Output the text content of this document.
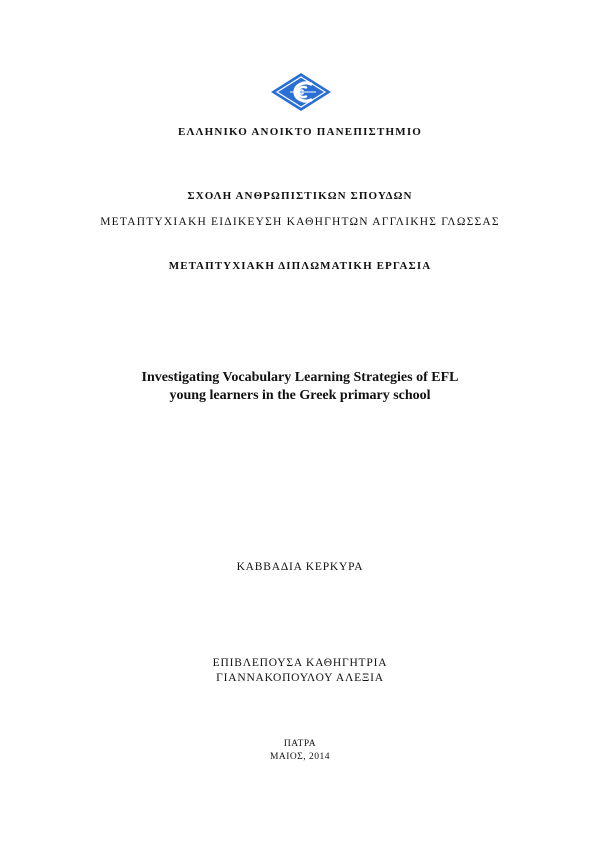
ΕΛΛΗΝΙΚΟ ΑΝΟΙΚΤΟ ΠΑΝΕΠΙΣΤΗΜΙΟ
ΣΧΟΛΗ ΑΝΘΡΩΠΙΣΤΙΚΩΝ ΣΠΟΥΔΩΝ
ΜΕΤΑΠΤΥΧΙΑΚΗ ΕΙΔΙΚΕΥΣΗ ΚΑΘΗΓΗΤΩΝ ΑΓΓΛΙΚΗΣ ΓΛΩΣΣΑΣ
ΜΕΤΑΠΤΥΧΙΑΚΗ ΔΙΠΛΩΜΑΤΙΚΗ ΕΡΓΑΣΙΑ
Investigating Vocabulary Learning Strategies of EFL
young learners in the Greek primary school
ΚΑΒΒΑΔΙΑ ΚΕΡΚΥΡΑ
ΕΠΙΒΛΕΠΟΥΣΑ ΚΑΘΗΓΗΤΡΙΑ
ΓΙΑΝΝΑΚΟΠΟΥΛΟΥ ΑΛΕΞΙΑ
ΠΑΤΡΑ
ΜΑΙΟΣ, 2014
